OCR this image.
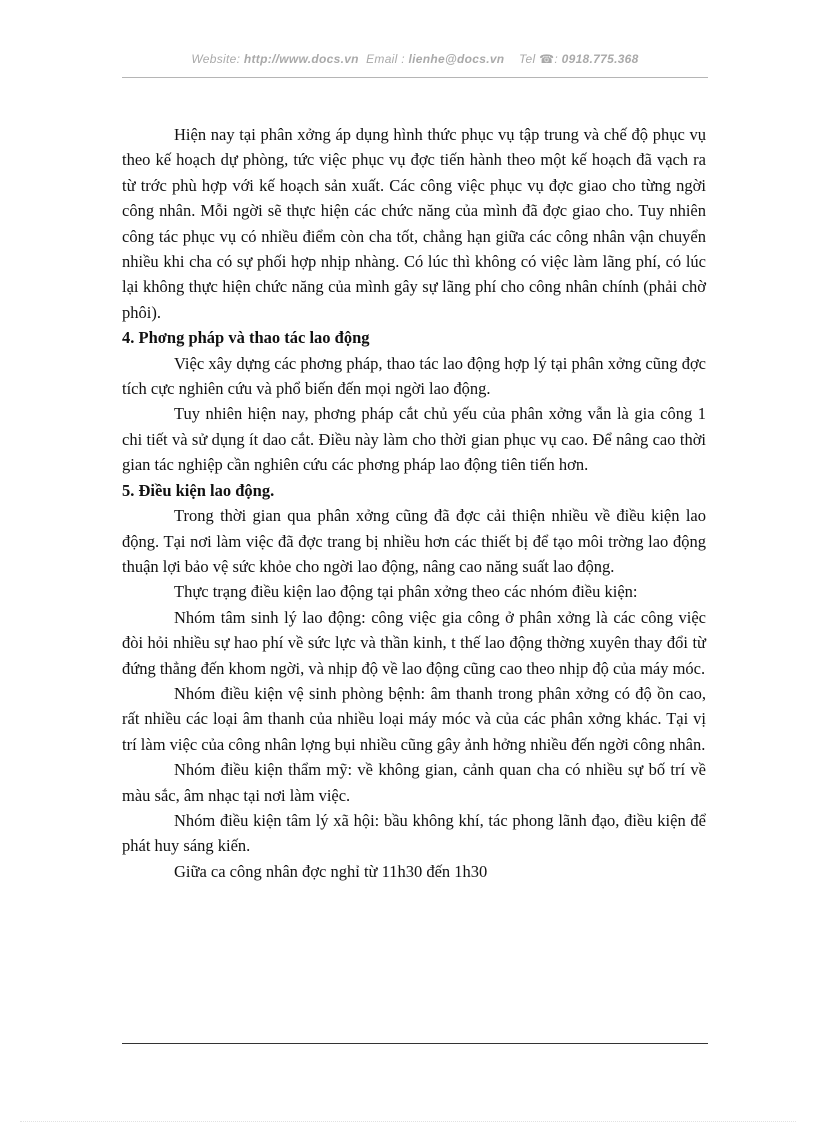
Website: http://www.docs.vn Email : lienhe@docs.vn Tel ☎: 0918.775.368

Hiện nay tại phân xởng áp dụng hình thức phục vụ tập trung và chế độ phục vụ theo kế hoạch dự phòng, tức việc phục vụ đợc tiến hành theo một kế hoạch đã vạch ra từ trớc phù hợp với kế hoạch sản xuất. Các công việc phục vụ đợc giao cho từng ngời công nhân. Mỗi ngời sẽ thực hiện các chức năng của mình đã đợc giao cho. Tuy nhiên công tác phục vụ có nhiều điểm còn cha tốt, chẳng hạn giữa các công nhân vận chuyển nhiều khi cha có sự phối hợp nhịp nhàng. Có lúc thì không có việc làm lãng phí, có lúc lại không thực hiện chức năng của mình gây sự lãng phí cho công nhân chính (phải chờ phôi).

4. Phơng pháp và thao tác lao động

Việc xây dựng các phơng pháp, thao tác lao động hợp lý tại phân xởng cũng đợc tích cực nghiên cứu và phổ biến đến mọi ngời lao động.

Tuy nhiên hiện nay, phơng pháp cắt chủ yếu của phân xởng vẫn là gia công 1 chi tiết và sử dụng ít dao cắt. Điều này làm cho thời gian phục vụ cao. Để nâng cao thời gian tác nghiệp cần nghiên cứu các phơng pháp lao động tiên tiến hơn.

5. Điều kiện lao động.

Trong thời gian qua phân xởng cũng đã đợc cải thiện nhiều về điều kiện lao động. Tại nơi làm việc đã đợc trang bị nhiều hơn các thiết bị để tạo môi trờng lao động thuận lợi bảo vệ sức khỏe cho ngời lao động, nâng cao năng suất lao động.

Thực trạng điều kiện lao động tại phân xởng theo các nhóm điều kiện:

Nhóm tâm sinh lý lao động: công việc gia công ở phân xởng là các công việc đòi hỏi nhiều sự hao phí về sức lực và thần kinh, t thế lao động thờng xuyên thay đổi từ đứng thẳng đến khom ngời, và nhịp độ về lao động cũng cao theo nhịp độ của máy móc.

Nhóm điều kiện vệ sinh phòng bệnh: âm thanh trong phân xởng có độ ồn cao, rất nhiều các loại âm thanh của nhiều loại máy móc và của các phân xởng khác. Tại vị trí làm việc của công nhân lợng bụi nhiều cũng gây ảnh hởng nhiều đến ngời công nhân.

Nhóm điều kiện thẩm mỹ: về không gian, cảnh quan cha có nhiều sự bố trí về màu sắc, âm nhạc tại nơi làm việc.

Nhóm điều kiện tâm lý xã hội: bầu không khí, tác phong lãnh đạo, điều kiện để phát huy sáng kiến.

Giữa ca công nhân đợc nghỉ từ 11h30 đến 1h30
